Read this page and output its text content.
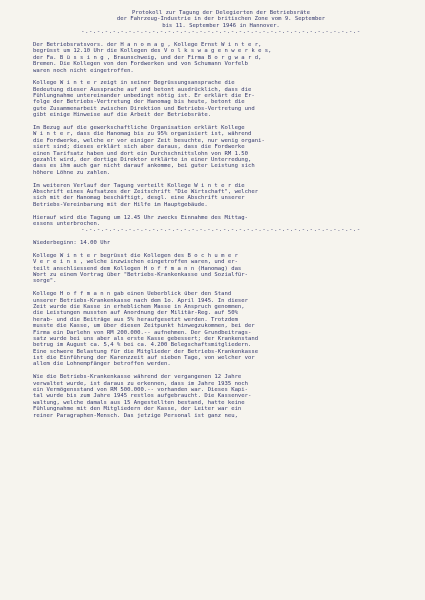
Protokoll zur Tagung der Delegierten der Betriebsräte
der Fahrzeug-Industrie in der britischen Zone vom 9. September
bis 11. September 1946 in Hannover.
-.-.-.-.-.-.-.-.-.-.-.-.-.-.-.-.-.-.-.-.-.-.-.-.-.-.-.-.-.-.-.-.-.-.-.-
Der Betriebsratsvors. der H a n o m a g , Kollege Ernst W i n t e r,
begrüsst um 12.10 Uhr die Kollegen des V o l k s w a g e n w e r k e s,
der Fa. B ü s s i n g , Braunschweig, und der Firma B o r g w a r d,
Bremen. Die Kollegen von den Fordwerken und von Schumann Vorfelb
waren noch nicht eingetroffen.
Kollege W i n t e r zeigt in seiner Begrüssungsansprache die
Bedeutung dieser Aussprache auf und betont ausdrücklich, dass die
Fühlungnahme untereinander unbedingt nötig ist. Er erklärt die Er-
folge der Betriebs-Vertretung der Hanomag bis heute, betont die
gute Zusammenarbeit zwischen Direktion und Betriebs-Vertretung und
gibt einige Hinweise auf die Arbeit der Betriebsräte.
Im Bezug auf die gewerkschaftliche Organisation erklärt Kollege
W i n t e r, dass die Hanomag bis zu 95% organisiert ist, während
die Fordwerke, welche er vor einiger Zeit besuchte, nur wenig organi-
siert sind; dieses erklärt sich aber daraus, dass die Fordwerke
einen Tarifsatz haben und dort ein Durchschnittslohn von RM 1.50
gezahlt wird, der dortige Direktor erklärte in einer Unterredung,
dass es ihm auch gar nicht darauf ankomme, bei guter Leistung sich
höhere Löhne zu zahlen.
Im weiteren Verlauf der Tagung verteilt Kollege W i n t e r die
Abschrift eines Aufsatzes der Zeitschrift "Die Wirtschaft", welcher
sich mit der Hanomag beschäftigt, desgl. eine Abschrift unserer
Betriebs-Vereinbarung mit der Hilfe im Hauptgebäude.
Hierauf wird die Tagung um 12.45 Uhr zwecks Einnahme des Mittag-
essens unterbrochen.
-.-.-.-.-.-.-.-.-.-.-.-.-.-.-.-.-.-.-.-.-.-.-.-.-.-.-.-.-.-.-.-.-.-.-.-
Wiederbeginn: 14.00 Uhr
Kollege W i n t e r begrüsst die Kollegen des B o c h u m e r
V e r e i n s , welche inzwischen eingetroffen waren, und er-
teilt anschliessend dem Kollegen H o f f m a n n (Hanomag) das
Wort zu einem Vortrag über "Betriebs-Krankenkasse und Sozialfür-
sorge".
Kollege H o f f m a n n gab einen Ueberblick über den Stand
unserer Betriebs-Krankenkasse nach dem 1o. April 1945. In dieser
Zeit wurde die Kasse in erheblichem Masse in Anspruch genommen,
die Leistungen mussten auf Anordnung der Militär-Reg. auf 50%
herab- und die Beiträge aus 5% heraufgesetzt werden. Trotzdem
musste die Kasse, um über diesen Zeitpunkt hinwegzukommen, bei der
Firma ein Darlehn von RM 200.000.-- aufnehmen. Der Grundbeitrags-
satz wurde bei uns aber als erste Kasse gebessert; der Krankenstand
betrug im August ca. 5,4 % bei ca. 4.200 Belegschaftsmitgliedern.
Eine schwere Belastung für die Mitglieder der Betriebs-Krankenkasse
ist die Einführung der Karenzzeit auf sieben Tage, von welcher vor
allem die Lohnempfänger betroffen werden.
Wie die Betriebs-Krankenkasse während der vergangenen 12 Jahre
verwaltet wurde, ist daraus zu erkennen, dass im Jahre 1935 noch
ein Vermögensstand von RM 500.000.-- vorhanden war. Dieses Kapi-
tal wurde bis zum Jahre 1945 restlos aufgebraucht. Die Kassenver-
waltung, welche damals aus 15 Angestellten bestand, hatte keine
Fühlungnahme mit den Mitgliedern der Kasse, der Leiter war ein
reiner Paragraphen-Mensch. Das jetzige Personal ist ganz neu,
